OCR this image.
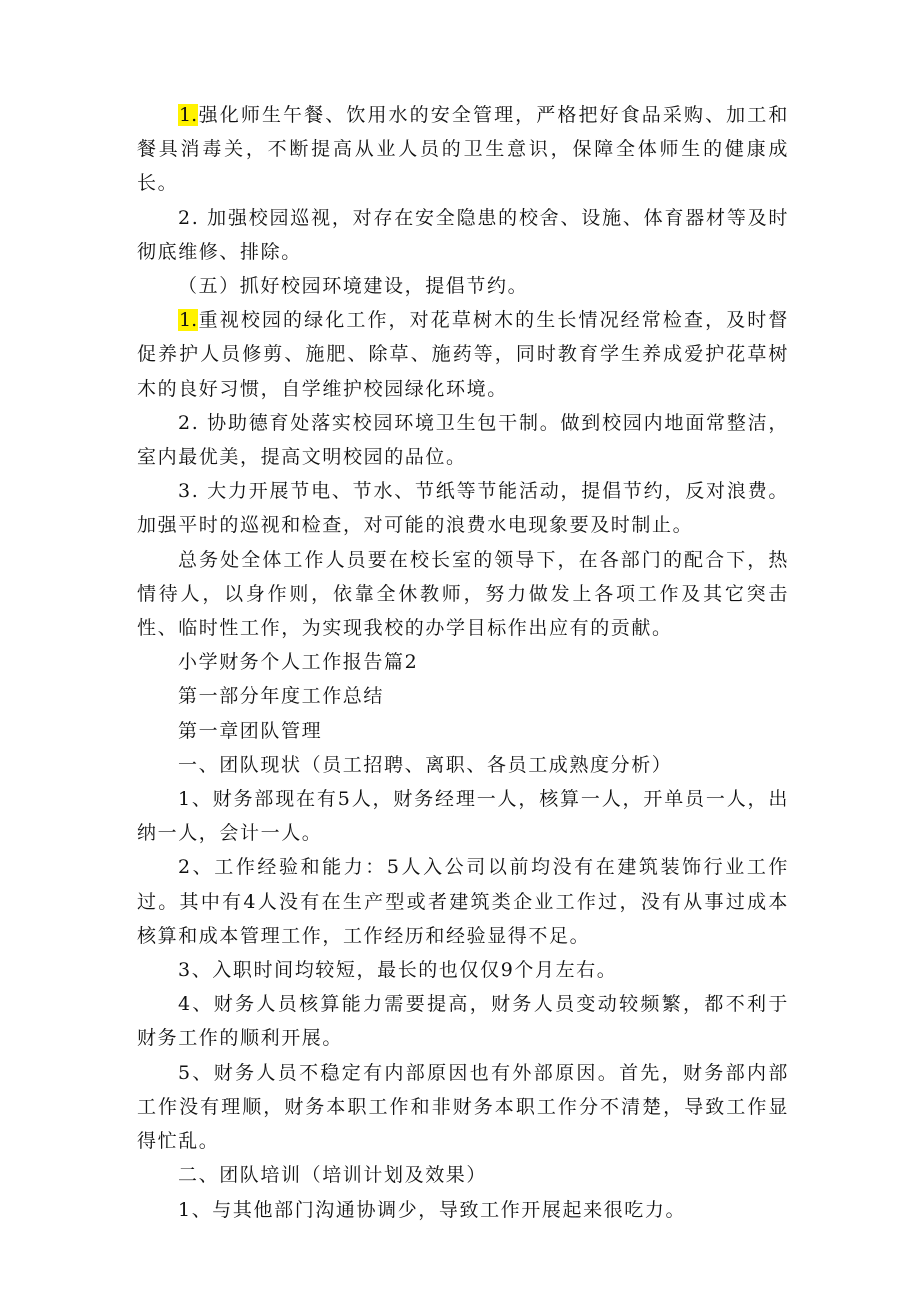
1.强化师生午餐、饮用水的安全管理，严格把好食品采购、加工和餐具消毒关，不断提高从业人员的卫生意识，保障全体师生的健康成长。

2. 加强校园巡视，对存在安全隐患的校舍、设施、体育器材等及时彻底维修、排除。

（五）抓好校园环境建设，提倡节约。

1.重视校园的绿化工作，对花草树木的生长情况经常检查，及时督促养护人员修剪、施肥、除草、施药等，同时教育学生养成爱护花草树木的良好习惯，自学维护校园绿化环境。

2. 协助德育处落实校园环境卫生包干制。做到校园内地面常整洁，室内最优美，提高文明校园的品位。

3. 大力开展节电、节水、节纸等节能活动，提倡节约，反对浪费。加强平时的巡视和检查，对可能的浪费水电现象要及时制止。

总务处全体工作人员要在校长室的领导下，在各部门的配合下，热情待人，以身作则，依靠全休教师，努力做发上各项工作及其它突击性、临时性工作，为实现我校的办学目标作出应有的贡献。

小学财务个人工作报告篇2

第一部分年度工作总结

第一章团队管理

一、团队现状（员工招聘、离职、各员工成熟度分析）

1、财务部现在有5人，财务经理一人，核算一人，开单员一人，出纳一人，会计一人。

2、工作经验和能力：5人入公司以前均没有在建筑装饰行业工作过。其中有4人没有在生产型或者建筑类企业工作过，没有从事过成本核算和成本管理工作，工作经历和经验显得不足。

3、入职时间均较短，最长的也仅仅9个月左右。

4、财务人员核算能力需要提高，财务人员变动较频繁，都不利于财务工作的顺利开展。

5、财务人员不稳定有内部原因也有外部原因。首先，财务部内部工作没有理顺，财务本职工作和非财务本职工作分不清楚，导致工作显得忙乱。

二、团队培训（培训计划及效果）

1、与其他部门沟通协调少，导致工作开展起来很吃力。
